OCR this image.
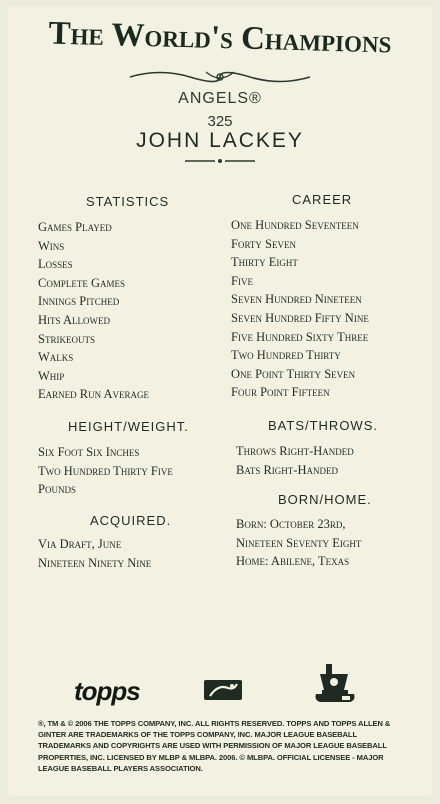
The World's Champions
ANGELS®
325
JOHN LACKEY
STATISTICS
Games Played
Wins
Losses
Complete Games
Innings Pitched
Hits Allowed
Strikeouts
Walks
Whip
Earned Run Average
CAREER
One Hundred Seventeen
Forty Seven
Thirty Eight
Five
Seven Hundred Nineteen
Seven Hundred Fifty Nine
Five Hundred Sixty Three
Two Hundred Thirty
One Point Thirty Seven
Four Point Fifteen
HEIGHT/WEIGHT.
Six Foot Six Inches
Two Hundred Thirty Five
Pounds
BATS/THROWS.
Throws Right-Handed
Bats Right-Handed
ACQUIRED.
Via Draft, June
Nineteen Ninety Nine
BORN/HOME.
Born: October 23rd,
Nineteen Seventy Eight
Home: Abilene, Texas
topps
®, TM & © 2006 THE TOPPS COMPANY, INC. ALL RIGHTS RESERVED. TOPPS AND TOPPS ALLEN & GINTER ARE TRADEMARKS OF THE TOPPS COMPANY, INC. MAJOR LEAGUE BASEBALL TRADEMARKS AND COPYRIGHTS ARE USED WITH PERMISSION OF MAJOR LEAGUE BASEBALL PROPERTIES, INC. LICENSED BY MLBP & MLBPA. 2006. © MLBPA. OFFICIAL LICENSEE - MAJOR LEAGUE BASEBALL PLAYERS ASSOCIATION.
